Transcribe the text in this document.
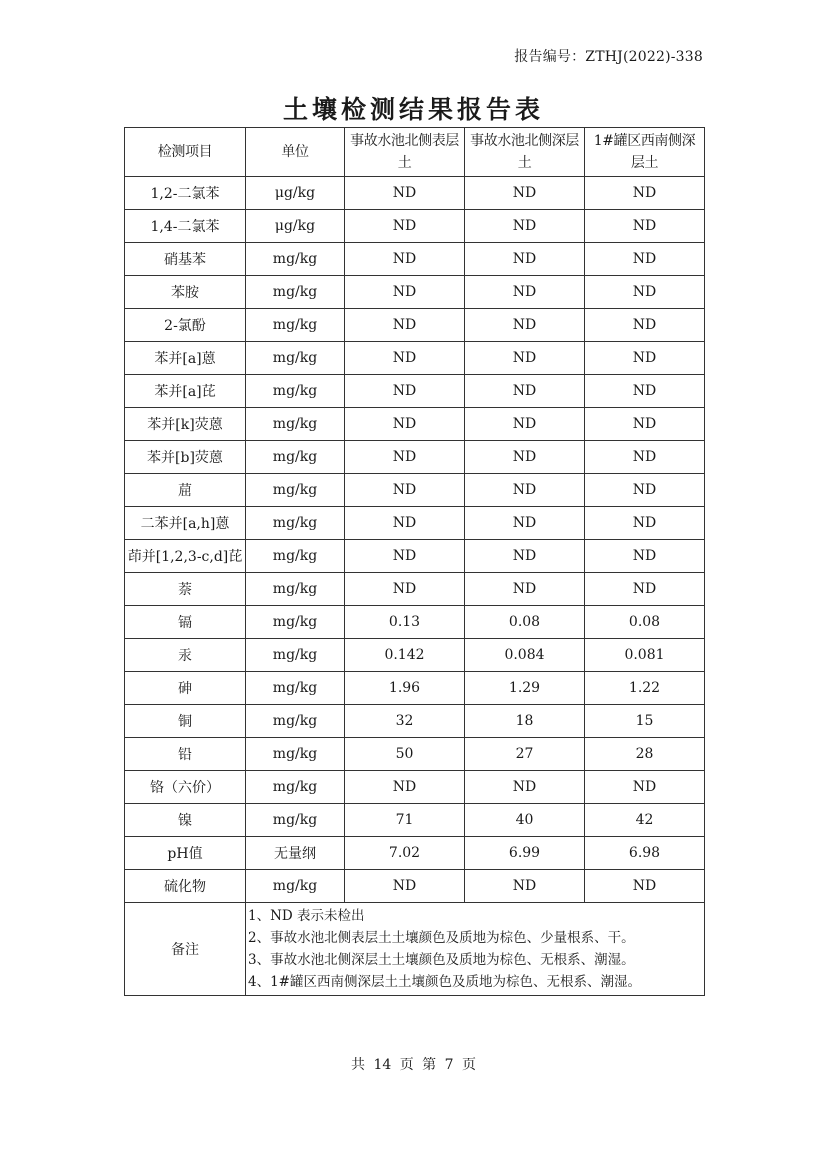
报告编号：ZTHJ(2022)-338
土壤检测结果报告表
检测项目	单位	事故水池北侧表层土	事故水池北侧深层土	1#罐区西南侧深层土
1,2-二氯苯	μg/kg	ND	ND	ND
1,4-二氯苯	μg/kg	ND	ND	ND
硝基苯	mg/kg	ND	ND	ND
苯胺	mg/kg	ND	ND	ND
2-氯酚	mg/kg	ND	ND	ND
苯并[a]蒽	mg/kg	ND	ND	ND
苯并[a]芘	mg/kg	ND	ND	ND
苯并[k]荧蒽	mg/kg	ND	ND	ND
苯并[b]荧蒽	mg/kg	ND	ND	ND
䓛	mg/kg	ND	ND	ND
二苯并[a,h]蒽	mg/kg	ND	ND	ND
茚并[1,2,3-c,d]芘	mg/kg	ND	ND	ND
萘	mg/kg	ND	ND	ND
镉	mg/kg	0.13	0.08	0.08
汞	mg/kg	0.142	0.084	0.081
砷	mg/kg	1.96	1.29	1.22
铜	mg/kg	32	18	15
铅	mg/kg	50	27	28
铬（六价）	mg/kg	ND	ND	ND
镍	mg/kg	71	40	42
pH值	无量纲	7.02	6.99	6.98
硫化物	mg/kg	ND	ND	ND
备注	1、ND 表示未检出
2、事故水池北侧表层土土壤颜色及质地为棕色、少量根系、干。
3、事故水池北侧深层土土壤颜色及质地为棕色、无根系、潮湿。
4、1#罐区西南侧深层土土壤颜色及质地为棕色、无根系、潮湿。			
共 14 页 第 7 页
